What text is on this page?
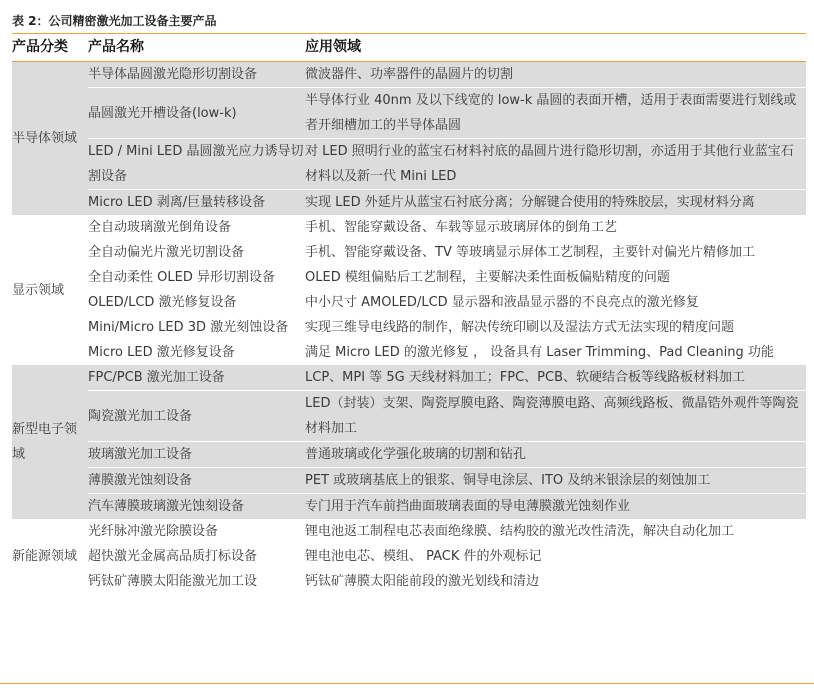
表 2：公司精密激光加工设备主要产品
产品分类	产品名称	应用领域
半导体领域	半导体晶圆激光隐形切割设备	微波器件、功率器件的晶圆片的切割
	晶圆激光开槽设备(low-k)	半导体行业 40nm 及以下线宽的 low-k 晶圆的表面开槽，适用于表面需要进行划线或者开细槽加工的半导体晶圆
	LED / Mini LED 晶圆激光应力诱导切割设备	对 LED 照明行业的蓝宝石材料衬底的晶圆片进行隐形切割，亦适用于其他行业蓝宝石材料以及新一代 Mini LED
	Micro LED 剥离/巨量转移设备	实现 LED 外延片从蓝宝石衬底分离；分解键合使用的特殊胶层，实现材料分离
显示领域	全自动玻璃激光倒角设备	手机、智能穿戴设备、车载等显示玻璃屏体的倒角工艺
	全自动偏光片激光切割设备	手机、智能穿戴设备、TV 等玻璃显示屏体工艺制程，主要针对偏光片精修加工
	全自动柔性 OLED 异形切割设备	OLED 模组偏贴后工艺制程，主要解决柔性面板偏贴精度的问题
	OLED/LCD 激光修复设备	中小尺寸 AMOLED/LCD 显示器和液晶显示器的不良亮点的激光修复
	Mini/Micro LED 3D 激光刻蚀设备	实现三维导电线路的制作，解决传统印刷以及湿法方式无法实现的精度问题
	Micro LED 激光修复设备	满足 Micro LED 的激光修复 ， 设备具有 Laser Trimming、Pad Cleaning 功能
新型电子领域	FPC/PCB 激光加工设备	LCP、MPI 等 5G 天线材料加工；FPC、PCB、软硬结合板等线路板材料加工
	陶瓷激光加工设备	LED（封装）支架、陶瓷厚膜电路、陶瓷薄膜电路、高频线路板、微晶锆外观件等陶瓷材料加工
	玻璃激光加工设备	普通玻璃或化学强化玻璃的切割和钻孔
	薄膜激光蚀刻设备	PET 或玻璃基底上的银浆、铜导电涂层、ITO 及纳米银涂层的刻蚀加工
	汽车薄膜玻璃激光蚀刻设备	专门用于汽车前挡曲面玻璃表面的导电薄膜激光蚀刻作业
新能源领域	光纤脉冲激光除膜设备	锂电池返工制程电芯表面绝缘膜、结构胶的激光改性清洗，解决自动化加工
	超快激光金属高品质打标设备	锂电池电芯、模组、 PACK 件的外观标记
	钙钛矿薄膜太阳能激光加工设	钙钛矿薄膜太阳能前段的激光划线和清边
